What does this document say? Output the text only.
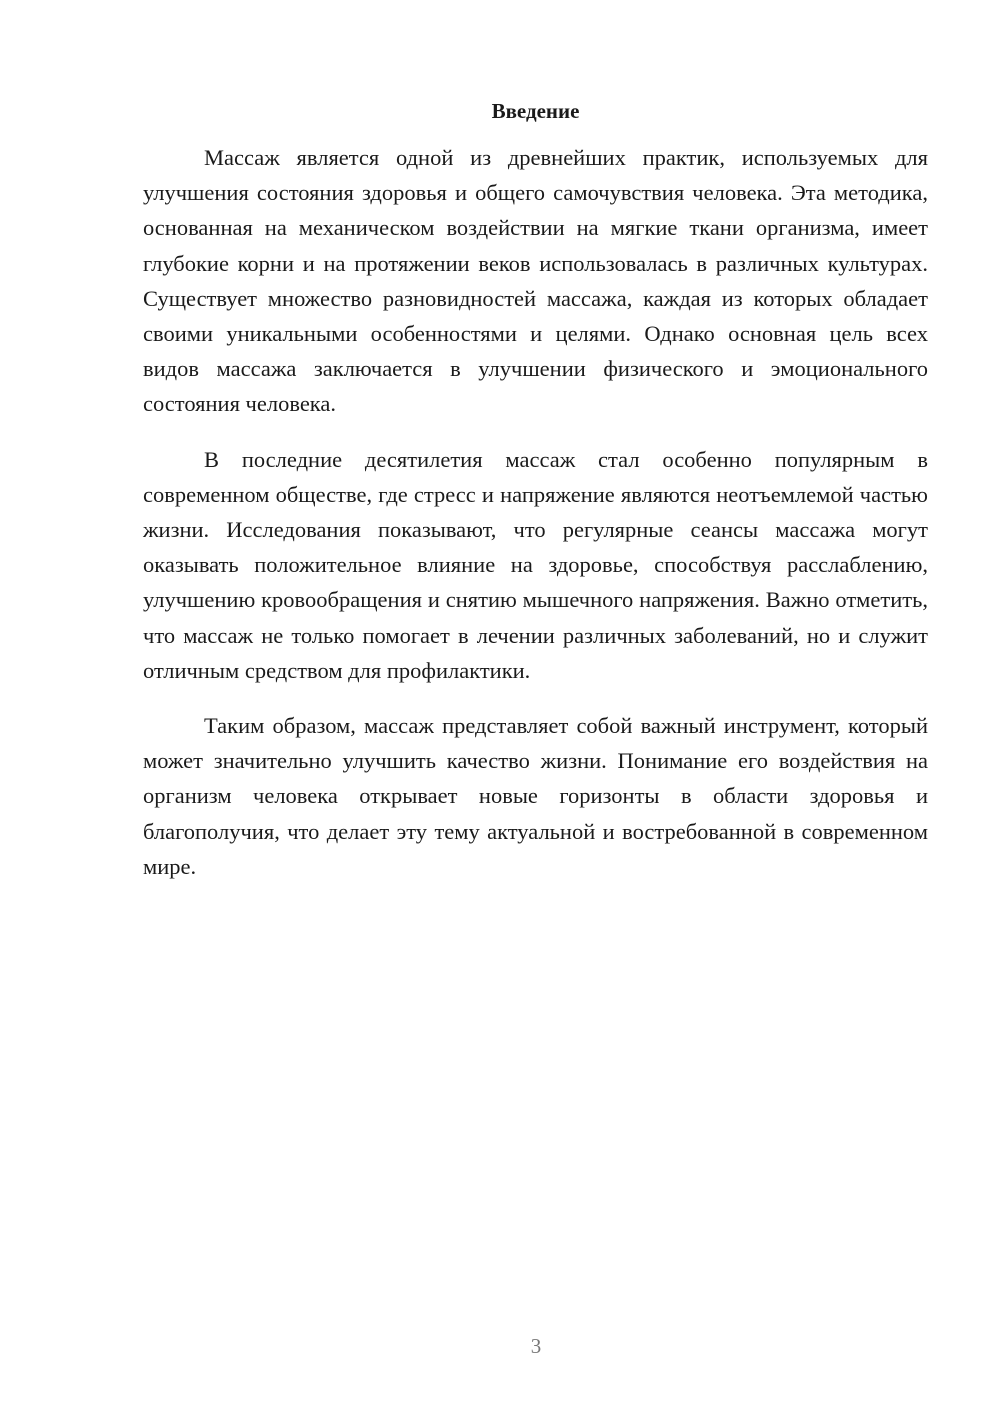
Введение

Массаж является одной из древнейших практик, используемых для улучшения состояния здоровья и общего самочувствия человека. Эта методика, основанная на механическом воздействии на мягкие ткани организма, имеет глубокие корни и на протяжении веков использовалась в различных культурах. Существует множество разновидностей массажа, каждая из которых обладает своими уникальными особенностями и целями. Однако основная цель всех видов массажа заключается в улучшении физического и эмоционального состояния человека.

В последние десятилетия массаж стал особенно популярным в современном обществе, где стресс и напряжение являются неотъемлемой частью жизни. Исследования показывают, что регулярные сеансы массажа могут оказывать положительное влияние на здоровье, способствуя расслаблению, улучшению кровообращения и снятию мышечного напряжения. Важно отметить, что массаж не только помогает в лечении различных заболеваний, но и служит отличным средством для профилактики.

Таким образом, массаж представляет собой важный инструмент, который может значительно улучшить качество жизни. Понимание его воздействия на организм человека открывает новые горизонты в области здоровья и благополучия, что делает эту тему актуальной и востребованной в современном мире.

3
